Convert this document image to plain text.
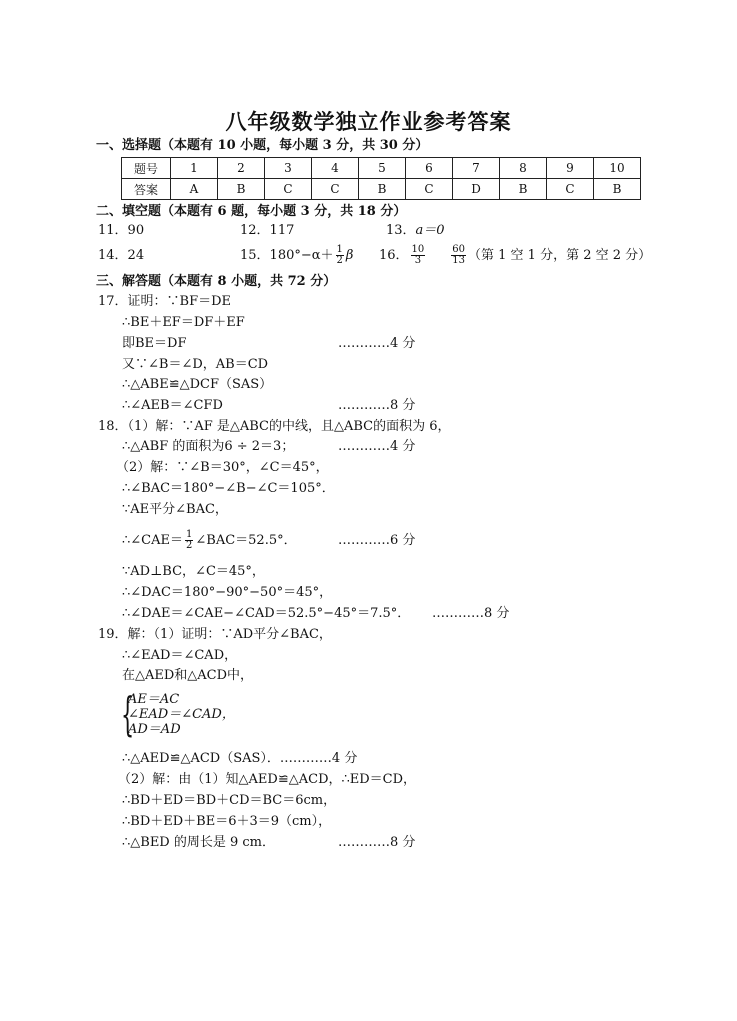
八年级数学独立作业参考答案
一、选择题（本题有 10 小题，每小题 3 分，共 30 分）
题号	1	2	3	4	5	6	7	8	9	10
答案	A	B	C	C	B	C	D	B	C	B
二、填空题（本题有 6 题，每小题 3 分，共 18 分）
11．90	12．117	13．a＝0
14．24	15．$180^\circ-\alpha+ \frac{1}{2}$ β 16． $\frac{10}{3}$	$\frac{60}{13}$ （第 1 空 1 分，第 2 空 2 分）
三、解答题（本题有 8 小题，共 72 分）
17．证明：∵BF＝DE
∴BE＋EF＝DF＋EF
即BE＝DF	…………4 分
又∵∠B＝∠D，AB＝CD
∴△ABE≌△DCF（SAS）
∴∠AEB＝∠CFD	…………8 分
18．（1）解：∵AF 是△ABC的中线，且△ABC的面积为 6，
∴△ABF 的面积为6 ÷ 2＝3；	…………4 分
（2）解：∵∠B＝30°，∠C＝45°，
∴∠BAC＝180°−∠B−∠C＝105°．
∵AE平分∠BAC，
∴∠CAE＝ $\frac{1}{2}$ ∠BAC＝52.5°．	…………6 分
∵AD⊥BC，∠C＝45°，
∴∠DAC＝180°−90°−50°＝45°，
∴∠DAE＝∠CAE−∠CAD＝52.5°−45°＝7.5°． …………8 分
19．解：（1）证明：∵AD平分∠BAC，
∴∠EAD＝∠CAD，
在△AED和△ACD中，
{
AE＝AC
∠EAD＝∠CAD，
AD＝AD
∴△AED≌△ACD（SAS）．…………4 分
（2）解：由（1）知△AED≌△ACD，∴ED＝CD，
∴BD＋ED＝BD＋CD＝BC＝6cm，
∴BD＋ED＋BE＝6＋3＝9（cm），
∴△BED 的周长是 9 cm．	…………8 分
